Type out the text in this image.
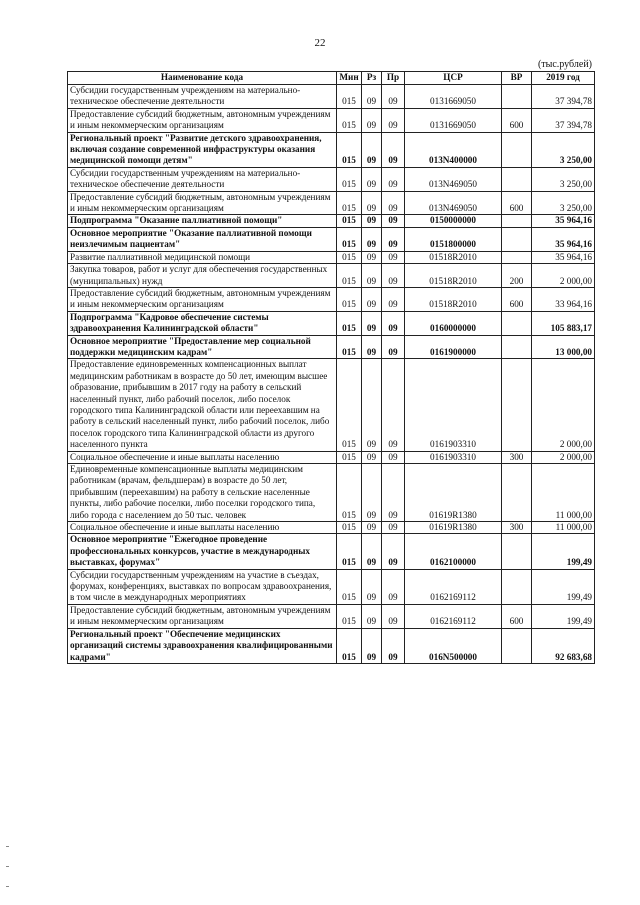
22
(тыс.рублей)
Наименование кода	Мин	Рз	Пр	ЦСР	ВР	2019 год
Субсидии государственным учреждениям на материально-техническое обеспечение деятельности	015	09	09	0131669050		37 394,78
Предоставление субсидий бюджетным, автономным учреждениям и иным некоммерческим организациям	015	09	09	0131669050	600	37 394,78
Региональный проект "Развитие детского здравоохранения, включая создание современной инфраструктуры оказания медицинской помощи детям"	015	09	09	013N400000		3 250,00
Субсидии государственным учреждениям на материально-техническое обеспечение деятельности	015	09	09	013N469050		3 250,00
Предоставление субсидий бюджетным, автономным учреждениям и иным некоммерческим организациям	015	09	09	013N469050	600	3 250,00
Подпрограмма "Оказание паллиативной помощи"	015	09	09	0150000000		35 964,16
Основное мероприятие "Оказание паллиативной помощи неизлечимым пациентам"	015	09	09	0151800000		35 964,16
Развитие паллиативной медицинской помощи	015	09	09	01518R2010		35 964,16
Закупка товаров, работ и услуг для обеспечения государственных (муниципальных) нужд	015	09	09	01518R2010	200	2 000,00
Предоставление субсидий бюджетным, автономным учреждениям и иным некоммерческим организациям	015	09	09	01518R2010	600	33 964,16
Подпрограмма "Кадровое обеспечение системы здравоохранения Калининградской области"	015	09	09	0160000000		105 883,17
Основное мероприятие "Предоставление мер социальной поддержки медицинским кадрам"	015	09	09	0161900000		13 000,00
Предоставление единовременных компенсационных выплат медицинским работникам в возрасте до 50 лет, имеющим высшее образование, прибывшим в 2017 году на работу в сельский населенный пункт, либо рабочий поселок, либо поселок городского типа Калининградской области или переехавшим на работу в сельский населенный пункт, либо рабочий поселок, либо поселок городского типа Калининградской области из другого населенного пункта	015	09	09	0161903310		2 000,00
Социальное обеспечение и иные выплаты населению	015	09	09	0161903310	300	2 000,00
Единовременные компенсационные выплаты медицинским работникам (врачам, фельдшерам) в возрасте до 50 лет, прибывшим (переехавшим) на работу в сельские населенные пункты, либо рабочие поселки, либо поселки городского типа, либо города с населением до 50 тыс. человек	015	09	09	01619R1380		11 000,00
Социальное обеспечение и иные выплаты населению	015	09	09	01619R1380	300	11 000,00
Основное мероприятие "Ежегодное проведение профессиональных конкурсов, участие в международных выставках, форумах"	015	09	09	0162100000		199,49
Субсидии государственным учреждениям на участие в съездах, форумах, конференциях, выставках по вопросам здравоохранения, в том числе в международных мероприятиях	015	09	09	0162169112		199,49
Предоставление субсидий бюджетным, автономным учреждениям и иным некоммерческим организациям	015	09	09	0162169112	600	199,49
Региональный проект "Обеспечение медицинских организаций системы здравоохранения квалифицированными кадрами"	015	09	09	016N500000		92 683,68
